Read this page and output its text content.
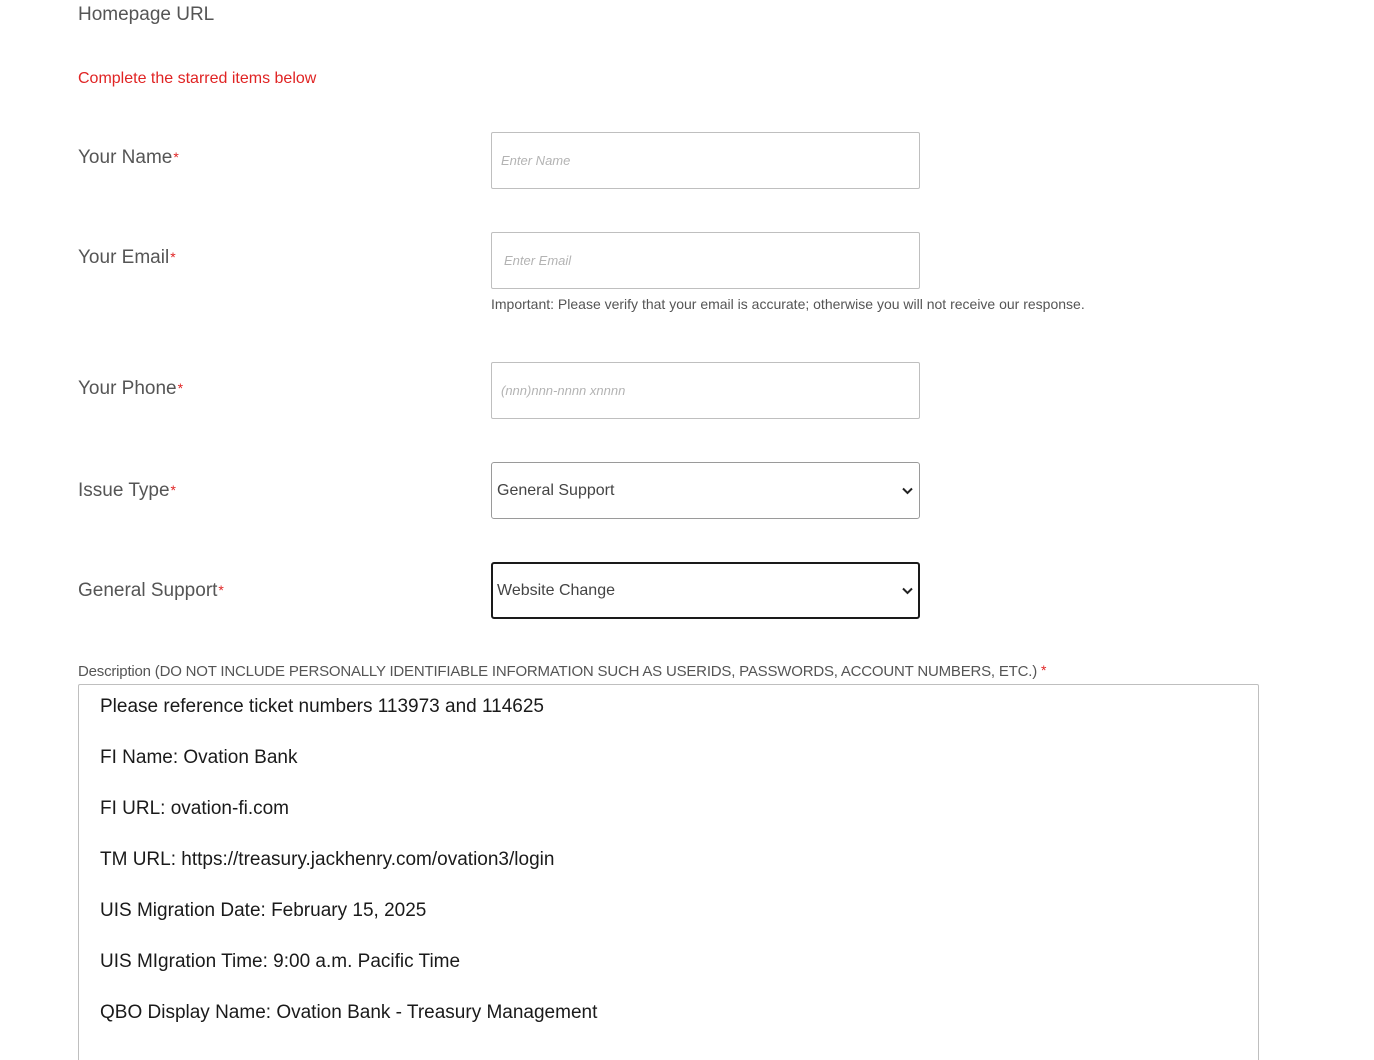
Homepage URL
Complete the starred items below
Your Name*
Enter Name
Your Email*
Enter Email
Important: Please verify that your email is accurate; otherwise you will not receive our response.
Your Phone*
(nnn)nnn-nnnn xnnnn
Issue Type*	General Support
General Support*	Website Change
Description (DO NOT INCLUDE PERSONALLY IDENTIFIABLE INFORMATION SUCH AS USERIDS, PASSWORDS, ACCOUNT NUMBERS, ETC.) *
Please reference ticket numbers 113973 and 114625
FI Name: Ovation Bank
FI URL: ovation-fi.com
TM URL: https://treasury.jackhenry.com/ovation3/login
UIS Migration Date: February 15, 2025
UIS MIgration Time: 9:00 a.m. Pacific Time
QBO Display Name: Ovation Bank - Treasury Management
